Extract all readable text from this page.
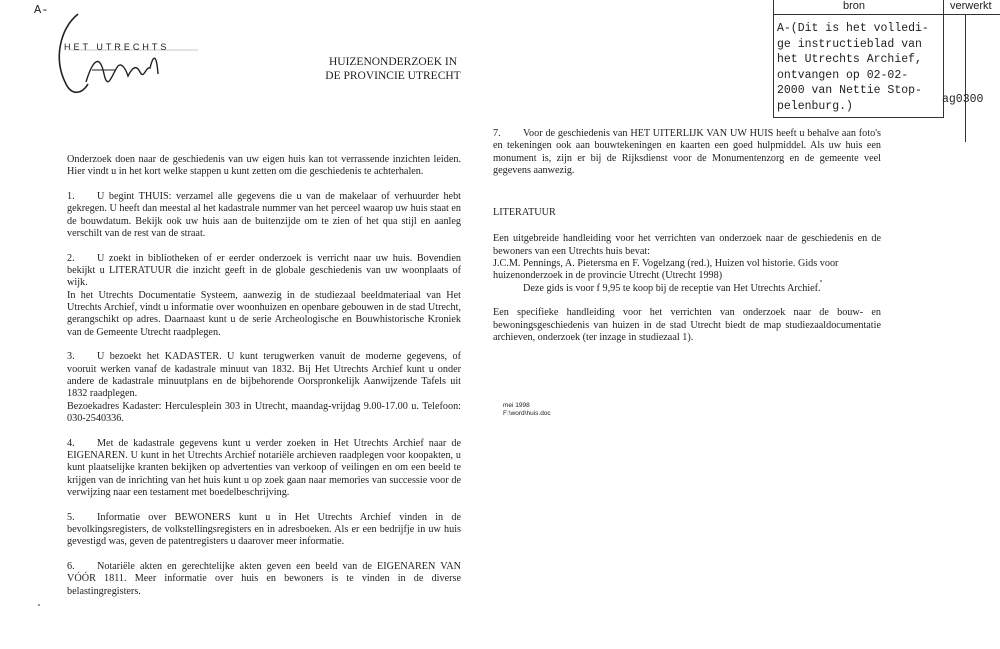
A-
HET UTRECHTS
HUIZENONDERZOEK IN
DE PROVINCIE UTRECHT
bron	verwerkt
A-(Dit is het volledi-
ge instructieblad van
het Utrechts Archief,
ontvangen op 02-02-
2000 van Nettie Stop-
pelenburg.)	ag0300

Onderzoek doen naar de geschiedenis van uw eigen huis kan tot verrassende inzichten leiden. Hier vindt u in het kort welke stappen u kunt zetten om die geschiedenis te achterhalen.

1. U begint THUIS: verzamel alle gegevens die u van de makelaar of verhuurder hebt gekregen. U heeft dan meestal al het kadastrale nummer van het perceel waarop uw huis staat en de bouwdatum. Bekijk ook uw huis aan de buitenzijde om te zien of het qua stijl en aanleg verschilt van de rest van de straat.

2. U zoekt in bibliotheken of er eerder onderzoek is verricht naar uw huis. Bovendien bekijkt u LITERATUUR die inzicht geeft in de globale geschiedenis van uw woonplaats of wijk.
In het Utrechts Documentatie Systeem, aanwezig in de studiezaal beeldmateriaal van Het Utrechts Archief, vindt u informatie over woonhuizen en openbare gebouwen in de stad Utrecht, gerangschikt op adres. Daarnaast kunt u de serie Archeologische en Bouwhistorische Kroniek van de Gemeente Utrecht raadplegen.

3. U bezoekt het KADASTER. U kunt terugwerken vanuit de moderne gegevens, of vooruit werken vanaf de kadastrale minuut van 1832. Bij Het Utrechts Archief kunt u onder andere de kadastrale minuutplans en de bijbehorende Oorspronkelijk Aanwijzende Tafels uit 1832 raadplegen.
Bezoekadres Kadaster: Herculesplein 303 in Utrecht, maandag-vrijdag 9.00-17.00 u. Telefoon: 030-2540336.

4. Met de kadastrale gegevens kunt u verder zoeken in Het Utrechts Archief naar de EIGENAREN. U kunt in het Utrechts Archief notariële archieven raadplegen voor koopakten, u kunt plaatselijke kranten bekijken op advertenties van verkoop of veilingen en om een beeld te krijgen van de inrichting van het huis kunt u op zoek gaan naar memories van successie voor de verwijzing naar een testament met boedelbeschrijving.

5. Informatie over BEWONERS kunt u in Het Utrechts Archief vinden in de bevolkingsregisters, de volkstellingsregisters en in adresboeken. Als er een bedrijfje in uw huis gevestigd was, geven de patentregisters u daarover meer informatie.

6. Notariële akten en gerechtelijke akten geven een beeld van de EIGENAREN VAN VÓÓR 1811. Meer informatie over huis en bewoners is te vinden in de diverse belastingregisters.

7. Voor de geschiedenis van HET UITERLIJK VAN UW HUIS heeft u behalve aan foto's en tekeningen ook aan bouwtekeningen en kaarten een goed hulpmiddel. Als uw huis een monument is, zijn er bij de Rijksdienst voor de Monumentenzorg en de gemeente veel gegevens aanwezig.

LITERATUUR

Een uitgebreide handleiding voor het verrichten van onderzoek naar de geschiedenis en de bewoners van een Utrechts huis bevat:

J.C.M. Pennings, A. Pietersma en F. Vogelzang (red.), Huizen vol historie. Gids voor huizenonderzoek in de provincie Utrecht (Utrecht 1998)

Deze gids is voor f 9,95 te koop bij de receptie van Het Utrechts Archief.

Een specifieke handleiding voor het verrichten van onderzoek naar de bouw- en bewoningsgeschiedenis van huizen in de stad Utrecht biedt de map studiezaaldocumentatie archieven, onderzoek (ter inzage in studiezaal 1).

mei 1998
F:\word\huis.doc
